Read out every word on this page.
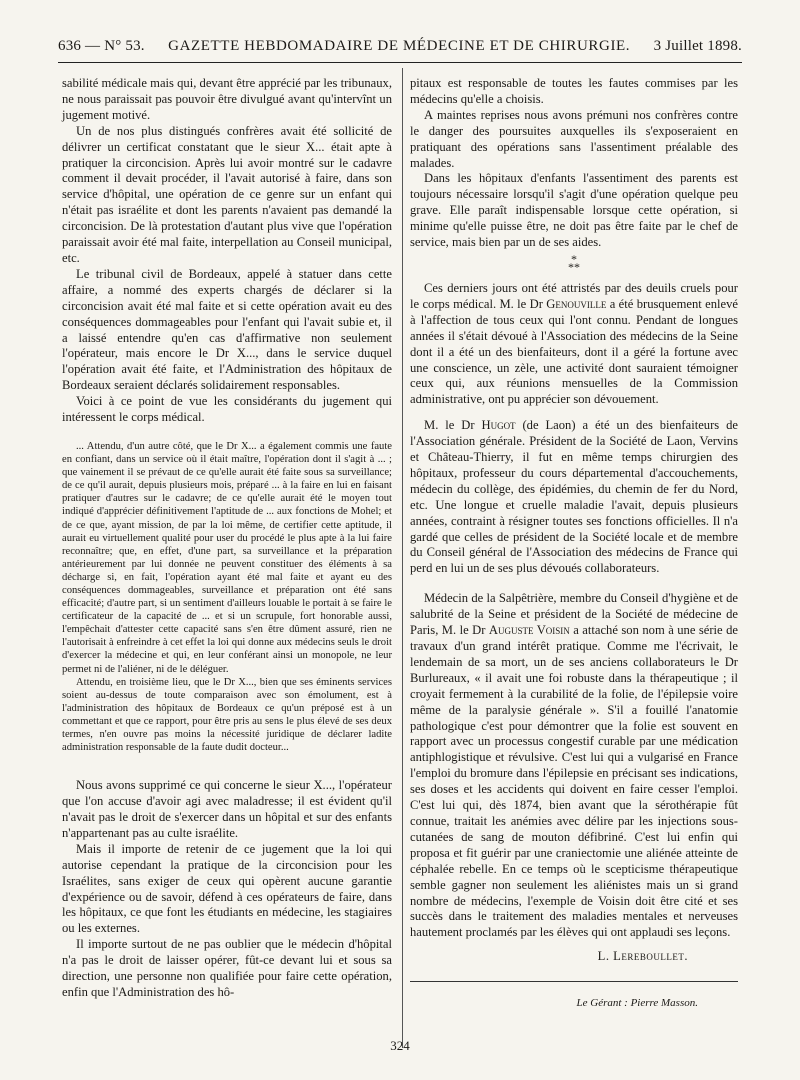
636 — N° 53. GAZETTE HEBDOMADAIRE DE MÉDECINE ET DE CHIRURGIE. 3 Juillet 1898.

sabilité médicale mais qui, devant être apprécié par les tribunaux, ne nous paraissait pas pouvoir être divulgué avant qu'intervînt un jugement motivé.

Un de nos plus distingués confrères avait été sollicité de délivrer un certificat constatant que le sieur X... était apte à pratiquer la circoncision. Après lui avoir montré sur le cadavre comment il devait procéder, il l'avait autorisé à faire, dans son service d'hôpital, une opération de ce genre sur un enfant qui n'était pas israélite et dont les parents n'avaient pas demandé la circoncision. De là protestation d'autant plus vive que l'opération paraissait avoir été mal faite, interpellation au Conseil municipal, etc.

Le tribunal civil de Bordeaux, appelé à statuer dans cette affaire, a nommé des experts chargés de déclarer si la circoncision avait été mal faite et si cette opération avait eu des conséquences dommageables pour l'enfant qui l'avait subie et, il a laissé entendre qu'en cas d'affirmative non seulement l'opérateur, mais encore le Dr X..., dans le service duquel l'opération avait été faite, et l'Administration des hôpitaux de Bordeaux seraient déclarés solidairement responsables.

Voici à ce point de vue les considérants du jugement qui intéressent le corps médical.

... Attendu, d'un autre côté, que le Dr X... a également commis une faute en confiant, dans un service où il était maître, l'opération dont il s'agit à ... ; que vainement il se prévaut de ce qu'elle aurait été faite sous sa surveillance; de ce qu'il aurait, depuis plusieurs mois, préparé ... à la faire en lui en faisant pratiquer d'autres sur le cadavre; de ce qu'elle aurait été le moyen tout indiqué d'apprécier définitivement l'aptitude de ... aux fonctions de Mohel; et de ce que, ayant mission, de par la loi même, de certifier cette aptitude, il aurait eu virtuellement qualité pour user du procédé le plus apte à la lui faire reconnaître; que, en effet, d'une part, sa surveillance et la préparation antérieurement par lui donnée ne peuvent constituer des éléments à sa décharge si, en fait, l'opération ayant été mal faite et ayant eu des conséquences dommageables, surveillance et préparation ont été sans efficacité; d'autre part, si un sentiment d'ailleurs louable le portait à se faire le certificateur de la capacité de ... et si un scrupule, fort honorable aussi, l'empêchait d'attester cette capacité sans s'en être dûment assuré, rien ne l'autorisait à enfreindre à cet effet la loi qui donne aux médecins seuls le droit d'exercer la médecine et qui, en leur conférant ainsi un monopole, ne leur permet ni de l'aliéner, ni de le déléguer.

Attendu, en troisième lieu, que le Dr X..., bien que ses éminents services soient au-dessus de toute comparaison avec son émolument, est à l'administration des hôpitaux de Bordeaux ce qu'un préposé est à un commettant et que ce rapport, pour être pris au sens le plus élevé de ses deux termes, n'en ouvre pas moins la nécessité juridique de déclarer ladite administration responsable de la faute dudit docteur...

Nous avons supprimé ce qui concerne le sieur X..., l'opérateur que l'on accuse d'avoir agi avec maladresse; il est évident qu'il n'avait pas le droit de s'exercer dans un hôpital et sur des enfants n'appartenant pas au culte israélite.

Mais il importe de retenir de ce jugement que la loi qui autorise cependant la pratique de la circoncision pour les Israélites, sans exiger de ceux qui opèrent aucune garantie d'expérience ou de savoir, défend à ces opérateurs de faire, dans les hôpitaux, ce que font les étudiants en médecine, les stagiaires ou les externes.

Il importe surtout de ne pas oublier que le médecin d'hôpital n'a pas le droit de laisser opérer, fût-ce devant lui et sous sa direction, une personne non qualifiée pour faire cette opération, enfin que l'Administration des hô-

pitaux est responsable de toutes les fautes commises par les médecins qu'elle a choisis.

A maintes reprises nous avons prémuni nos confrères contre le danger des poursuites auxquelles ils s'exposeraient en pratiquant des opérations sans l'assentiment préalable des malades.

Dans les hôpitaux d'enfants l'assentiment des parents est toujours nécessaire lorsqu'il s'agit d'une opération quelque peu grave. Elle paraît indispensable lorsque cette opération, si minime qu'elle puisse être, ne doit pas être faite par le chef de service, mais bien par un de ses aides.

*
**

Ces derniers jours ont été attristés par des deuils cruels pour le corps médical. M. le Dr Genouville a été brusquement enlevé à l'affection de tous ceux qui l'ont connu. Pendant de longues années il s'était dévoué à l'Association des médecins de la Seine dont il a été un des bienfaiteurs, dont il a géré la fortune avec une conscience, un zèle, une activité dont sauraient témoigner ceux qui, aux réunions mensuelles de la Commission administrative, ont pu apprécier son dévouement.

M. le Dr Hugot (de Laon) a été un des bienfaiteurs de l'Association générale. Président de la Société de Laon, Vervins et Château-Thierry, il fut en même temps chirurgien des hôpitaux, professeur du cours départemental d'accouchements, médecin du collège, des épidémies, du chemin de fer du Nord, etc. Une longue et cruelle maladie l'avait, depuis plusieurs années, contraint à résigner toutes ses fonctions officielles. Il n'a gardé que celles de président de la Société locale et de membre du Conseil général de l'Association des médecins de France qui perd en lui un de ses plus dévoués collaborateurs.

Médecin de la Salpêtrière, membre du Conseil d'hygiène et de salubrité de la Seine et président de la Société de médecine de Paris, M. le Dr Auguste Voisin a attaché son nom à une série de travaux d'un grand intérêt pratique. Comme me l'écrivait, le lendemain de sa mort, un de ses anciens collaborateurs le Dr Burlureaux, « il avait une foi robuste dans la thérapeutique ; il croyait fermement à la curabilité de la folie, de l'épilepsie voire même de la paralysie générale ». S'il a fouillé l'anatomie pathologique c'est pour démontrer que la folie est souvent en rapport avec un processus congestif curable par une médication antiphlogistique et révulsive. C'est lui qui a vulgarisé en France l'emploi du bromure dans l'épilepsie en précisant ses indications, ses doses et les accidents qui doivent en faire cesser l'emploi. C'est lui qui, dès 1874, bien avant que la sérothérapie fût connue, traitait les anémies avec délire par les injections sous-cutanées de sang de mouton défibriné. C'est lui enfin qui proposa et fit guérir par une craniectomie une aliénée atteinte de céphalée rebelle. En ce temps où le scepticisme thérapeutique semble gagner non seulement les aliénistes mais un si grand nombre de médecins, l'exemple de Voisin doit être cité et ses succès dans le traitement des maladies mentales et nerveuses hautement proclamés par les élèves qui ont applaudi ses leçons.

L. Lereboullet.
Le Gérant : Pierre Masson.
324
